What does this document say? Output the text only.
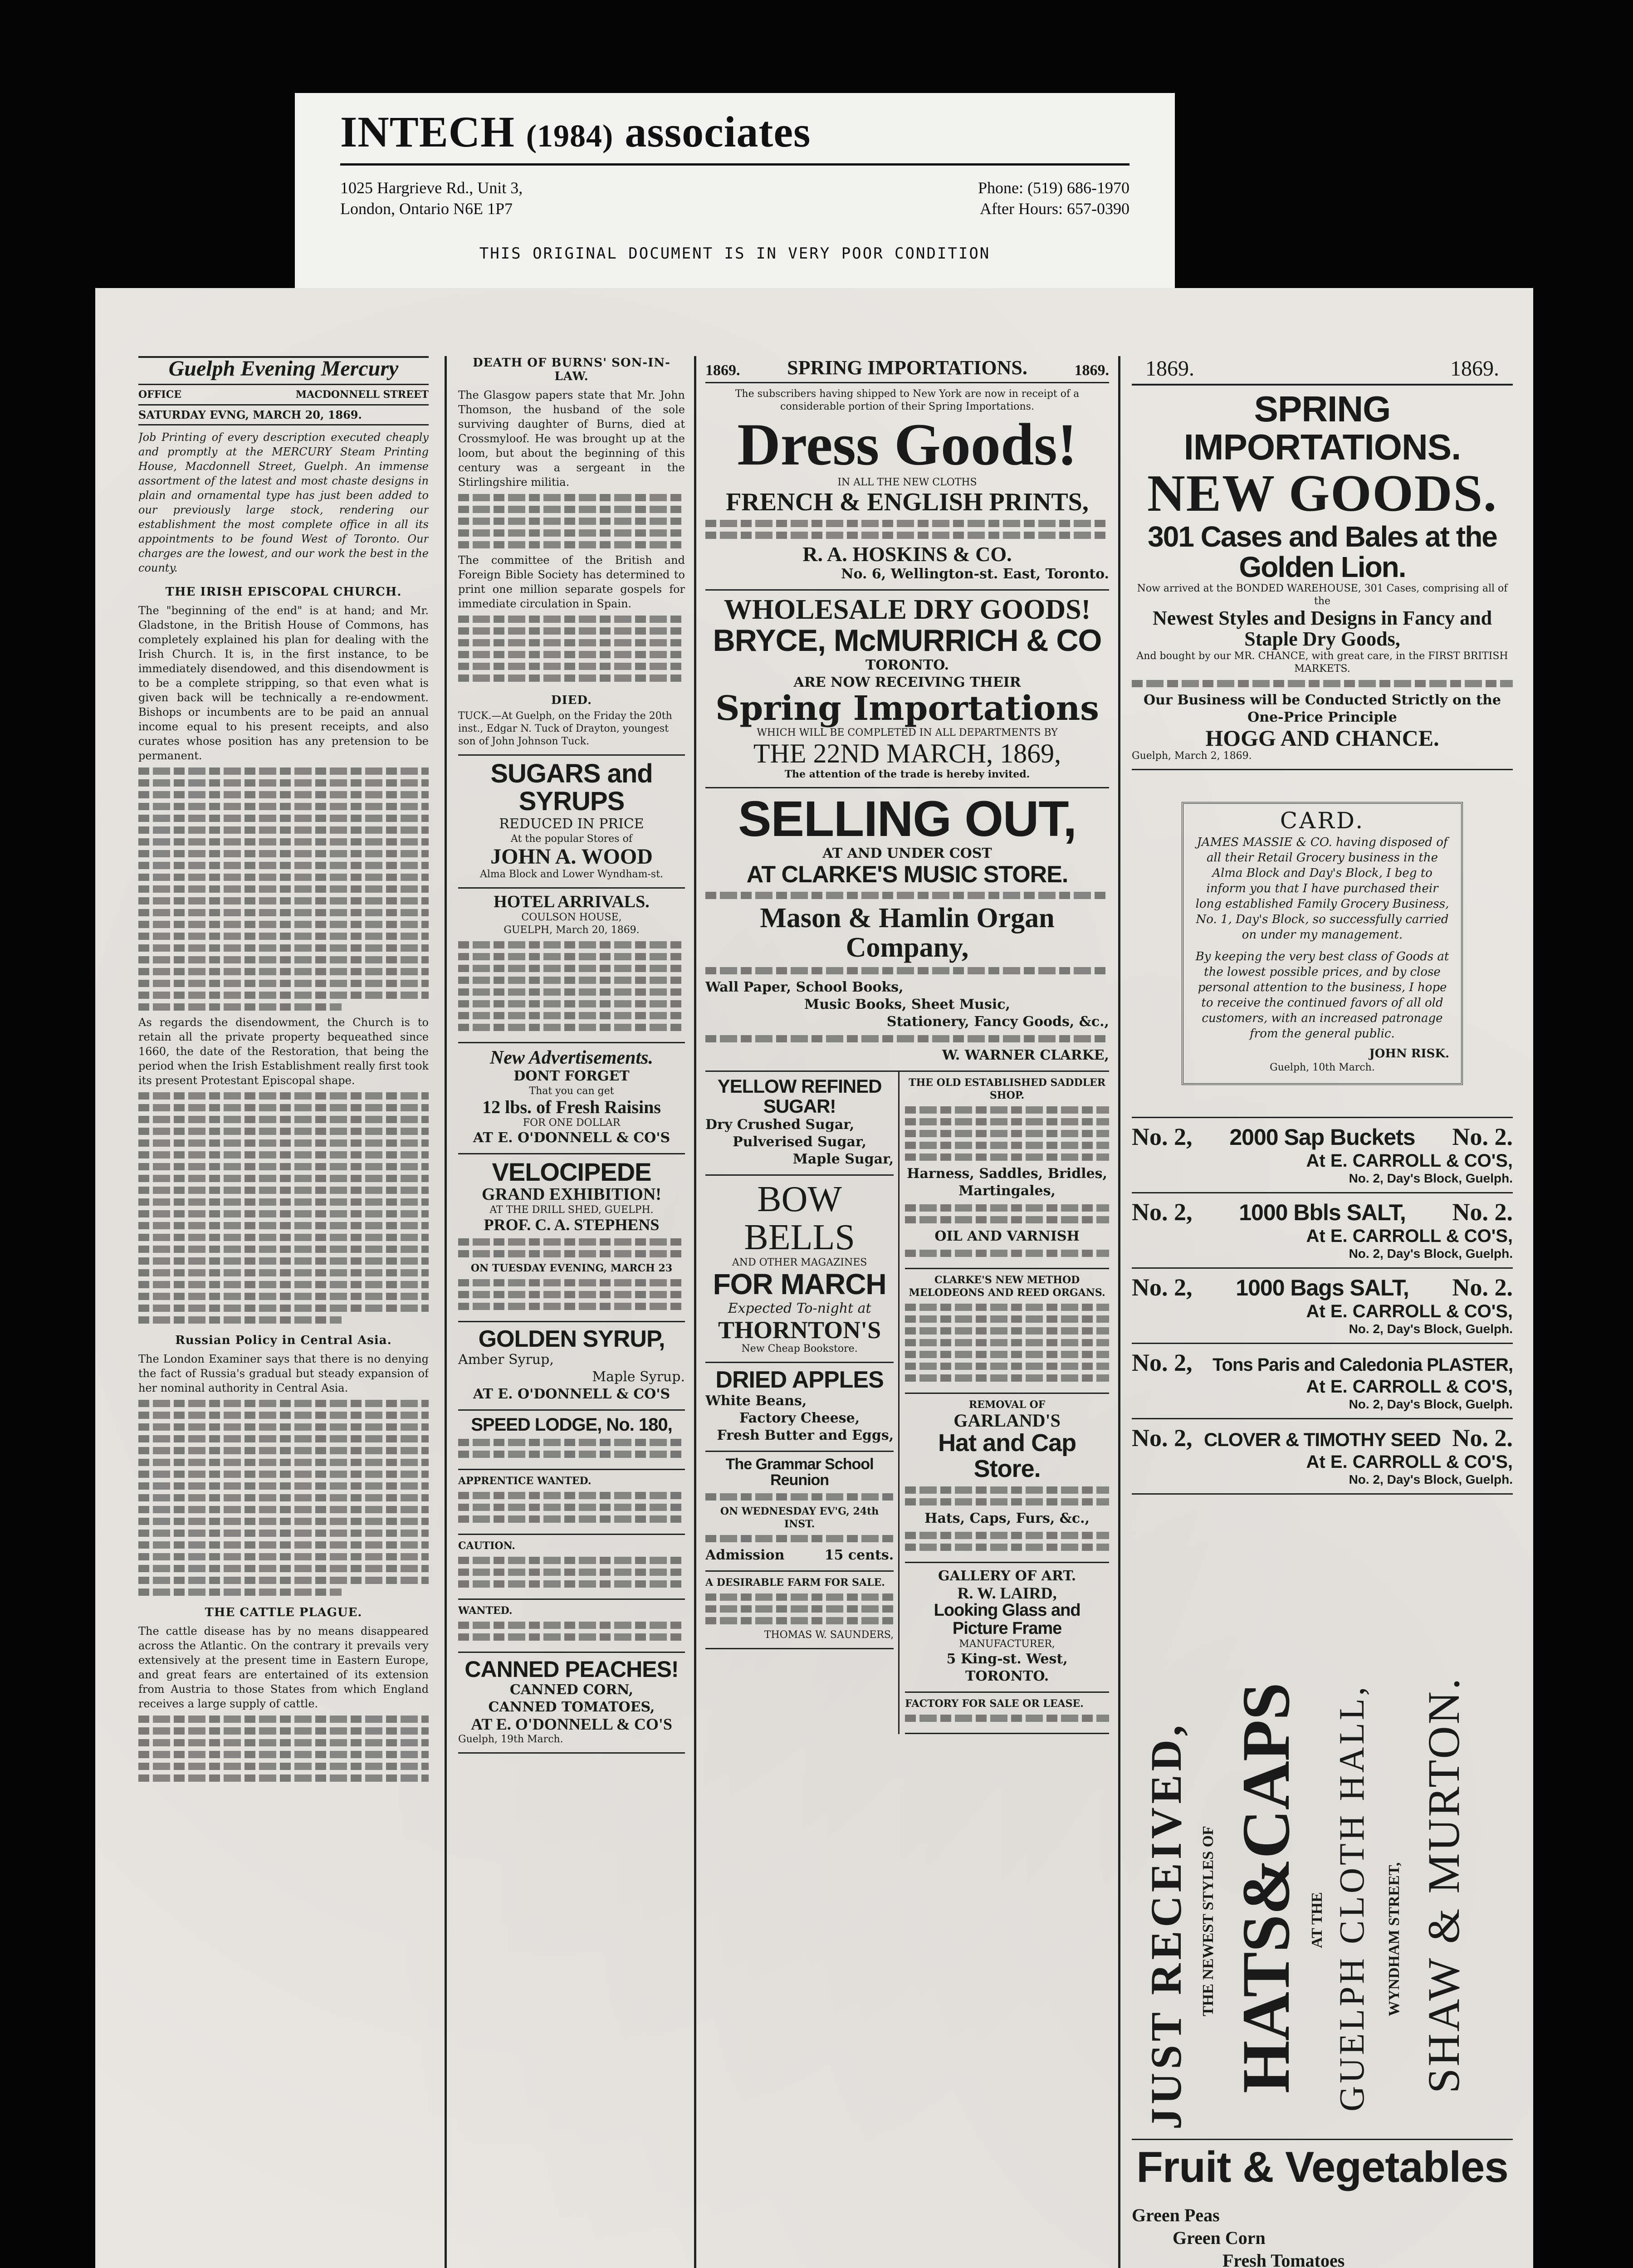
INTECH (1984) associates
1025 Hargrieve Rd., Unit 3,	Phone: (519) 686-1970
London, Ontario N6E 1P7	After Hours: 657-0390
THIS ORIGINAL DOCUMENT IS IN VERY POOR CONDITION
Guelph Evening Mercury
OFFICE	MACDONNELL STREET
SATURDAY EVNG, MARCH 20, 1869.
Job Printing of every description executed cheaply and promptly at the MERCURY Steam Printing House, Macdonnell Street, Guelph. An immense assortment of the latest and most chaste designs in plain and ornamental type has just been added to our previously large stock, rendering our establishment the most complete office in all its appointments to be found West of Toronto. Our charges are the lowest, and our work the best in the county.
THE IRISH EPISCOPAL CHURCH.
The "beginning of the end" is at hand; and Mr. Gladstone, in the British House of Commons, has completely explained his plan for dealing with the Irish Church. It is, in the first instance, to be immediately disendowed, and this disendowment is to be a complete stripping, so that even what is given back will be technically a re-endowment. Bishops or incumbents are to be paid an annual income equal to his present receipts, and also curates whose position has any pretension to be permanent.
As regards the disendowment, the Church is to retain all the private property bequeathed since 1660, the date of the Restoration, that being the period when the Irish Establishment really first took its present Protestant Episcopal shape.
Russian Policy in Central Asia.
The London Examiner says that there is no denying the fact of Russia's gradual but steady expansion of her nominal authority in Central Asia.
THE CATTLE PLAGUE.
The cattle disease has by no means disappeared across the Atlantic. On the contrary it prevails very extensively at the present time in Eastern Europe, and great fears are entertained of its extension from Austria to those States from which England receives a large supply of cattle.
DEATH OF BURNS' SON-IN-LAW.
The Glasgow papers state that Mr. John Thomson, the husband of the sole surviving daughter of Burns, died at Crossmyloof. He was brought up at the loom, but about the beginning of this century was a sergeant in the Stirlingshire militia.
The committee of the British and Foreign Bible Society has determined to print one million separate gospels for immediate circulation in Spain.
DIED.
TUCK.—At Guelph, on the Friday the 20th inst., Edgar N. Tuck of Drayton, youngest son of John Johnson Tuck.
SUGARS and SYRUPS
REDUCED IN PRICE
At the popular Stores of
JOHN A. WOOD
Alma Block and Lower Wyndham-st.
HOTEL ARRIVALS.
COULSON HOUSE,
GUELPH, March 20, 1869.
New Advertisements.
DONT FORGET
That you can get
12 lbs. of Fresh Raisins
FOR ONE DOLLAR
AT E. O'DONNELL & CO'S
VELOCIPEDE
GRAND EXHIBITION!
AT THE DRILL SHED, GUELPH.
PROF. C. A. STEPHENS
ON TUESDAY EVENING, MARCH 23
GOLDEN SYRUP,
Amber Syrup,
Maple Syrup.
AT E. O'DONNELL & CO'S
SPEED LODGE, No. 180,
APPRENTICE WANTED.
CAUTION.
WANTED.
CANNED PEACHES!
CANNED CORN,
CANNED TOMATOES,
AT E. O'DONNELL & CO'S
Guelph, 19th March.
1869. SPRING IMPORTATIONS.	1869.
The subscribers having shipped to New York are now in receipt of a considerable portion of their Spring Importations.
Dress Goods!
IN ALL THE NEW CLOTHS
FRENCH & ENGLISH PRINTS,
R. A. HOSKINS & CO.
No. 6, Wellington-st. East, Toronto.
WHOLESALE DRY GOODS!
BRYCE, McMURRICH & CO
TORONTO.
ARE NOW RECEIVING THEIR
Spring Importations
WHICH WILL BE COMPLETED IN ALL DEPARTMENTS BY
THE 22ND MARCH, 1869,
The attention of the trade is hereby invited.
SELLING OUT,
AT AND UNDER COST
AT CLARKE'S MUSIC STORE.
Mason & Hamlin Organ Company,
Wall Paper, School Books,
Music Books, Sheet Music,
Stationery, Fancy Goods, &c.,
W. WARNER CLARKE,
YELLOW REFINED SUGAR!
Dry Crushed Sugar,
Pulverised Sugar,
Maple Sugar,
BOW BELLS
AND OTHER MAGAZINES
FOR MARCH
Expected To-night at
THORNTON'S
New Cheap Bookstore.
DRIED APPLES
White Beans,
Factory Cheese,
Fresh Butter and Eggs,
The Grammar School Reunion
ON WEDNESDAY EV'G, 24th INST.
Admission	15 cents.
A DESIRABLE FARM FOR SALE.
THOMAS W. SAUNDERS,
THE OLD ESTABLISHED SADDLER SHOP.
Harness, Saddles, Bridles, Martingales,
OIL AND VARNISH
CLARKE'S NEW METHOD
MELODEONS AND REED ORGANS.
REMOVAL OF
GARLAND'S
Hat and Cap Store.
Hats, Caps, Furs, &c.,
GALLERY OF ART.
R. W. LAIRD,
Looking Glass and Picture Frame
MANUFACTURER,
5 King-st. West, TORONTO.
FACTORY FOR SALE OR LEASE.
1869.	1869.
SPRING IMPORTATIONS.
NEW GOODS.
301 Cases and Bales at the Golden Lion.
Now arrived at the BONDED WAREHOUSE, 301 Cases, comprising all of the
Newest Styles and Designs in Fancy and Staple Dry Goods,
And bought by our MR. CHANCE, with great care, in the FIRST BRITISH MARKETS.
Our Business will be Conducted Strictly on the One-Price Principle
HOGG AND CHANCE.
Guelph, March 2, 1869.
CARD.
JAMES MASSIE & CO. having disposed of all their Retail Grocery business in the Alma Block and Day's Block, I beg to inform you that I have purchased their long established Family Grocery Business, No. 1, Day's Block, so successfully carried on under my management.
By keeping the very best class of Goods at the lowest possible prices, and by close personal attention to the business, I hope to receive the continued favors of all old customers, with an increased patronage from the general public.
JOHN RISK.
Guelph, 10th March.
No. 2, 2000 Sap Buckets No. 2.
At E. CARROLL & CO'S,
No. 2, Day's Block, Guelph.
No. 2, 1000 Bbls SALT, No. 2.
At E. CARROLL & CO'S,
No. 2, Day's Block, Guelph.
No. 2, 1000 Bags SALT, No. 2.
At E. CARROLL & CO'S,
No. 2, Day's Block, Guelph.
No. 2, Tons Paris and Caledonia PLASTER,
At E. CARROLL & CO'S,
No. 2, Day's Block, Guelph.
No. 2, CLOVER & TIMOTHY SEED No. 2.
At E. CARROLL & CO'S,
No. 2, Day's Block, Guelph.
JUST RECEIVED, THE NEWEST STYLES OF HATS&CAPS AT THE GUELPH CLOTH HALL, WYNDHAM STREET, SHAW & MURTON.
Fruit & Vegetables
Green Peas
Green Corn
Fresh Tomatoes
